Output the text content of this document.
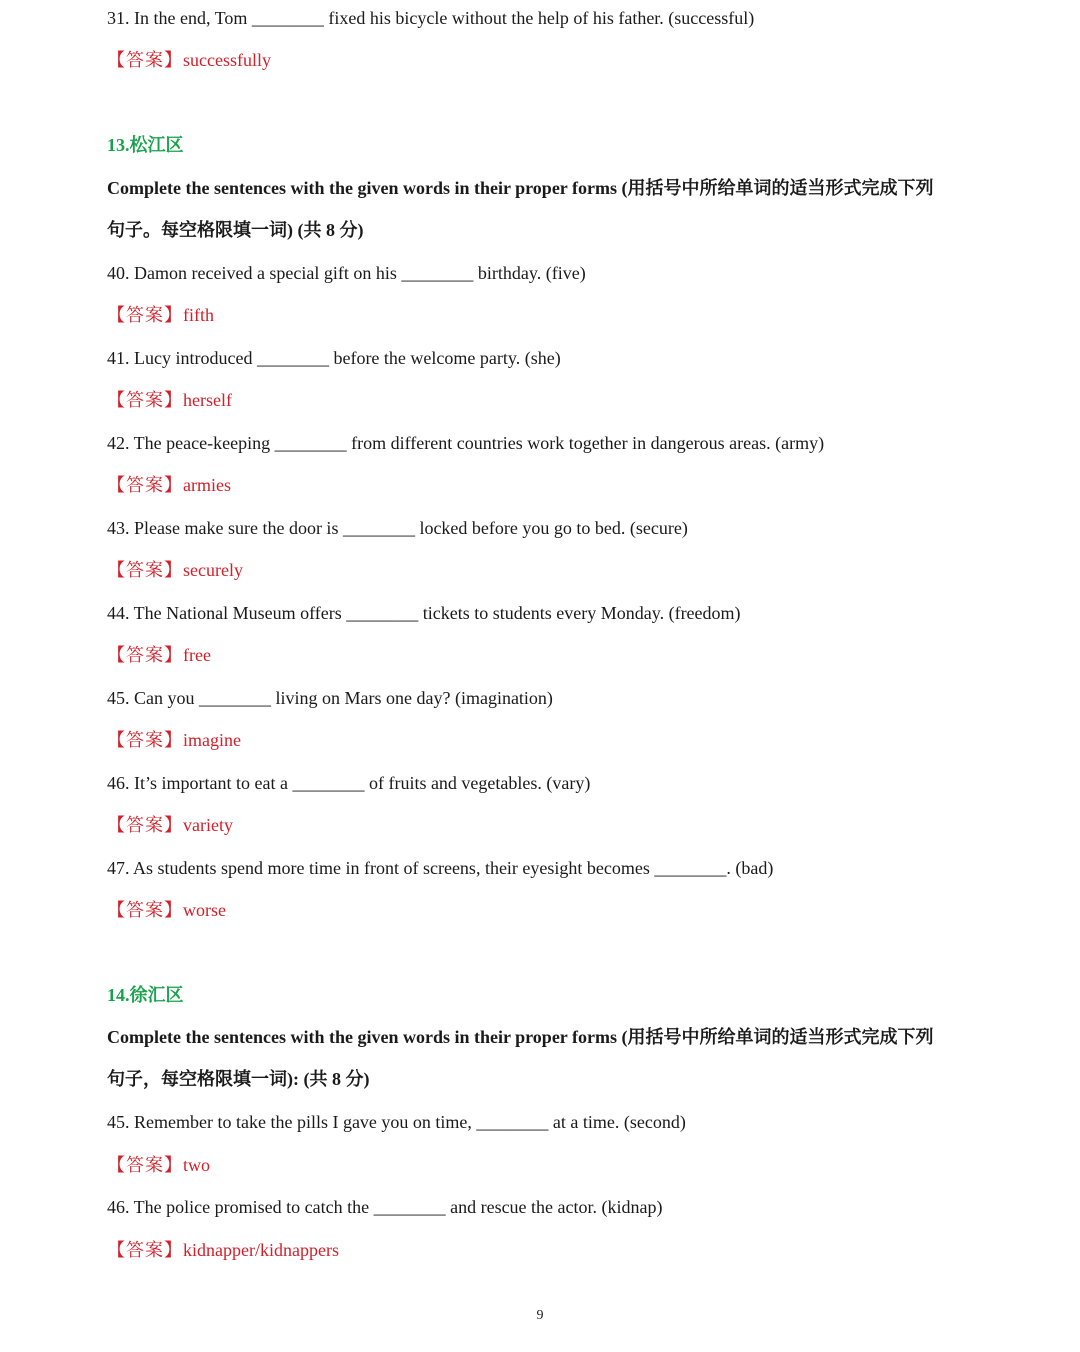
31. In the end, Tom ________ fixed his bicycle without the help of his father. (successful)
【答案】successfully
13.松江区
Complete the sentences with the given words in their proper forms (用括号中所给单词的适当形式完成下列
句子。每空格限填一词) (共 8 分)
40. Damon received a special gift on his ________ birthday. (five)
【答案】fifth
41. Lucy introduced ________ before the welcome party. (she)
【答案】herself
42. The peace-keeping ________ from different countries work together in dangerous areas. (army)
【答案】armies
43. Please make sure the door is ________ locked before you go to bed. (secure)
【答案】securely
44. The National Museum offers ________ tickets to students every Monday. (freedom)
【答案】free
45. Can you ________ living on Mars one day? (imagination)
【答案】imagine
46. It’s important to eat a ________ of fruits and vegetables. (vary)
【答案】variety
47. As students spend more time in front of screens, their eyesight becomes ________. (bad)
【答案】worse
14.徐汇区
Complete the sentences with the given words in their proper forms (用括号中所给单词的适当形式完成下列
句子，每空格限填一词): (共 8 分)
45. Remember to take the pills I gave you on time, ________ at a time. (second)
【答案】two
46. The police promised to catch the ________ and rescue the actor. (kidnap)
【答案】kidnapper/kidnappers
9
